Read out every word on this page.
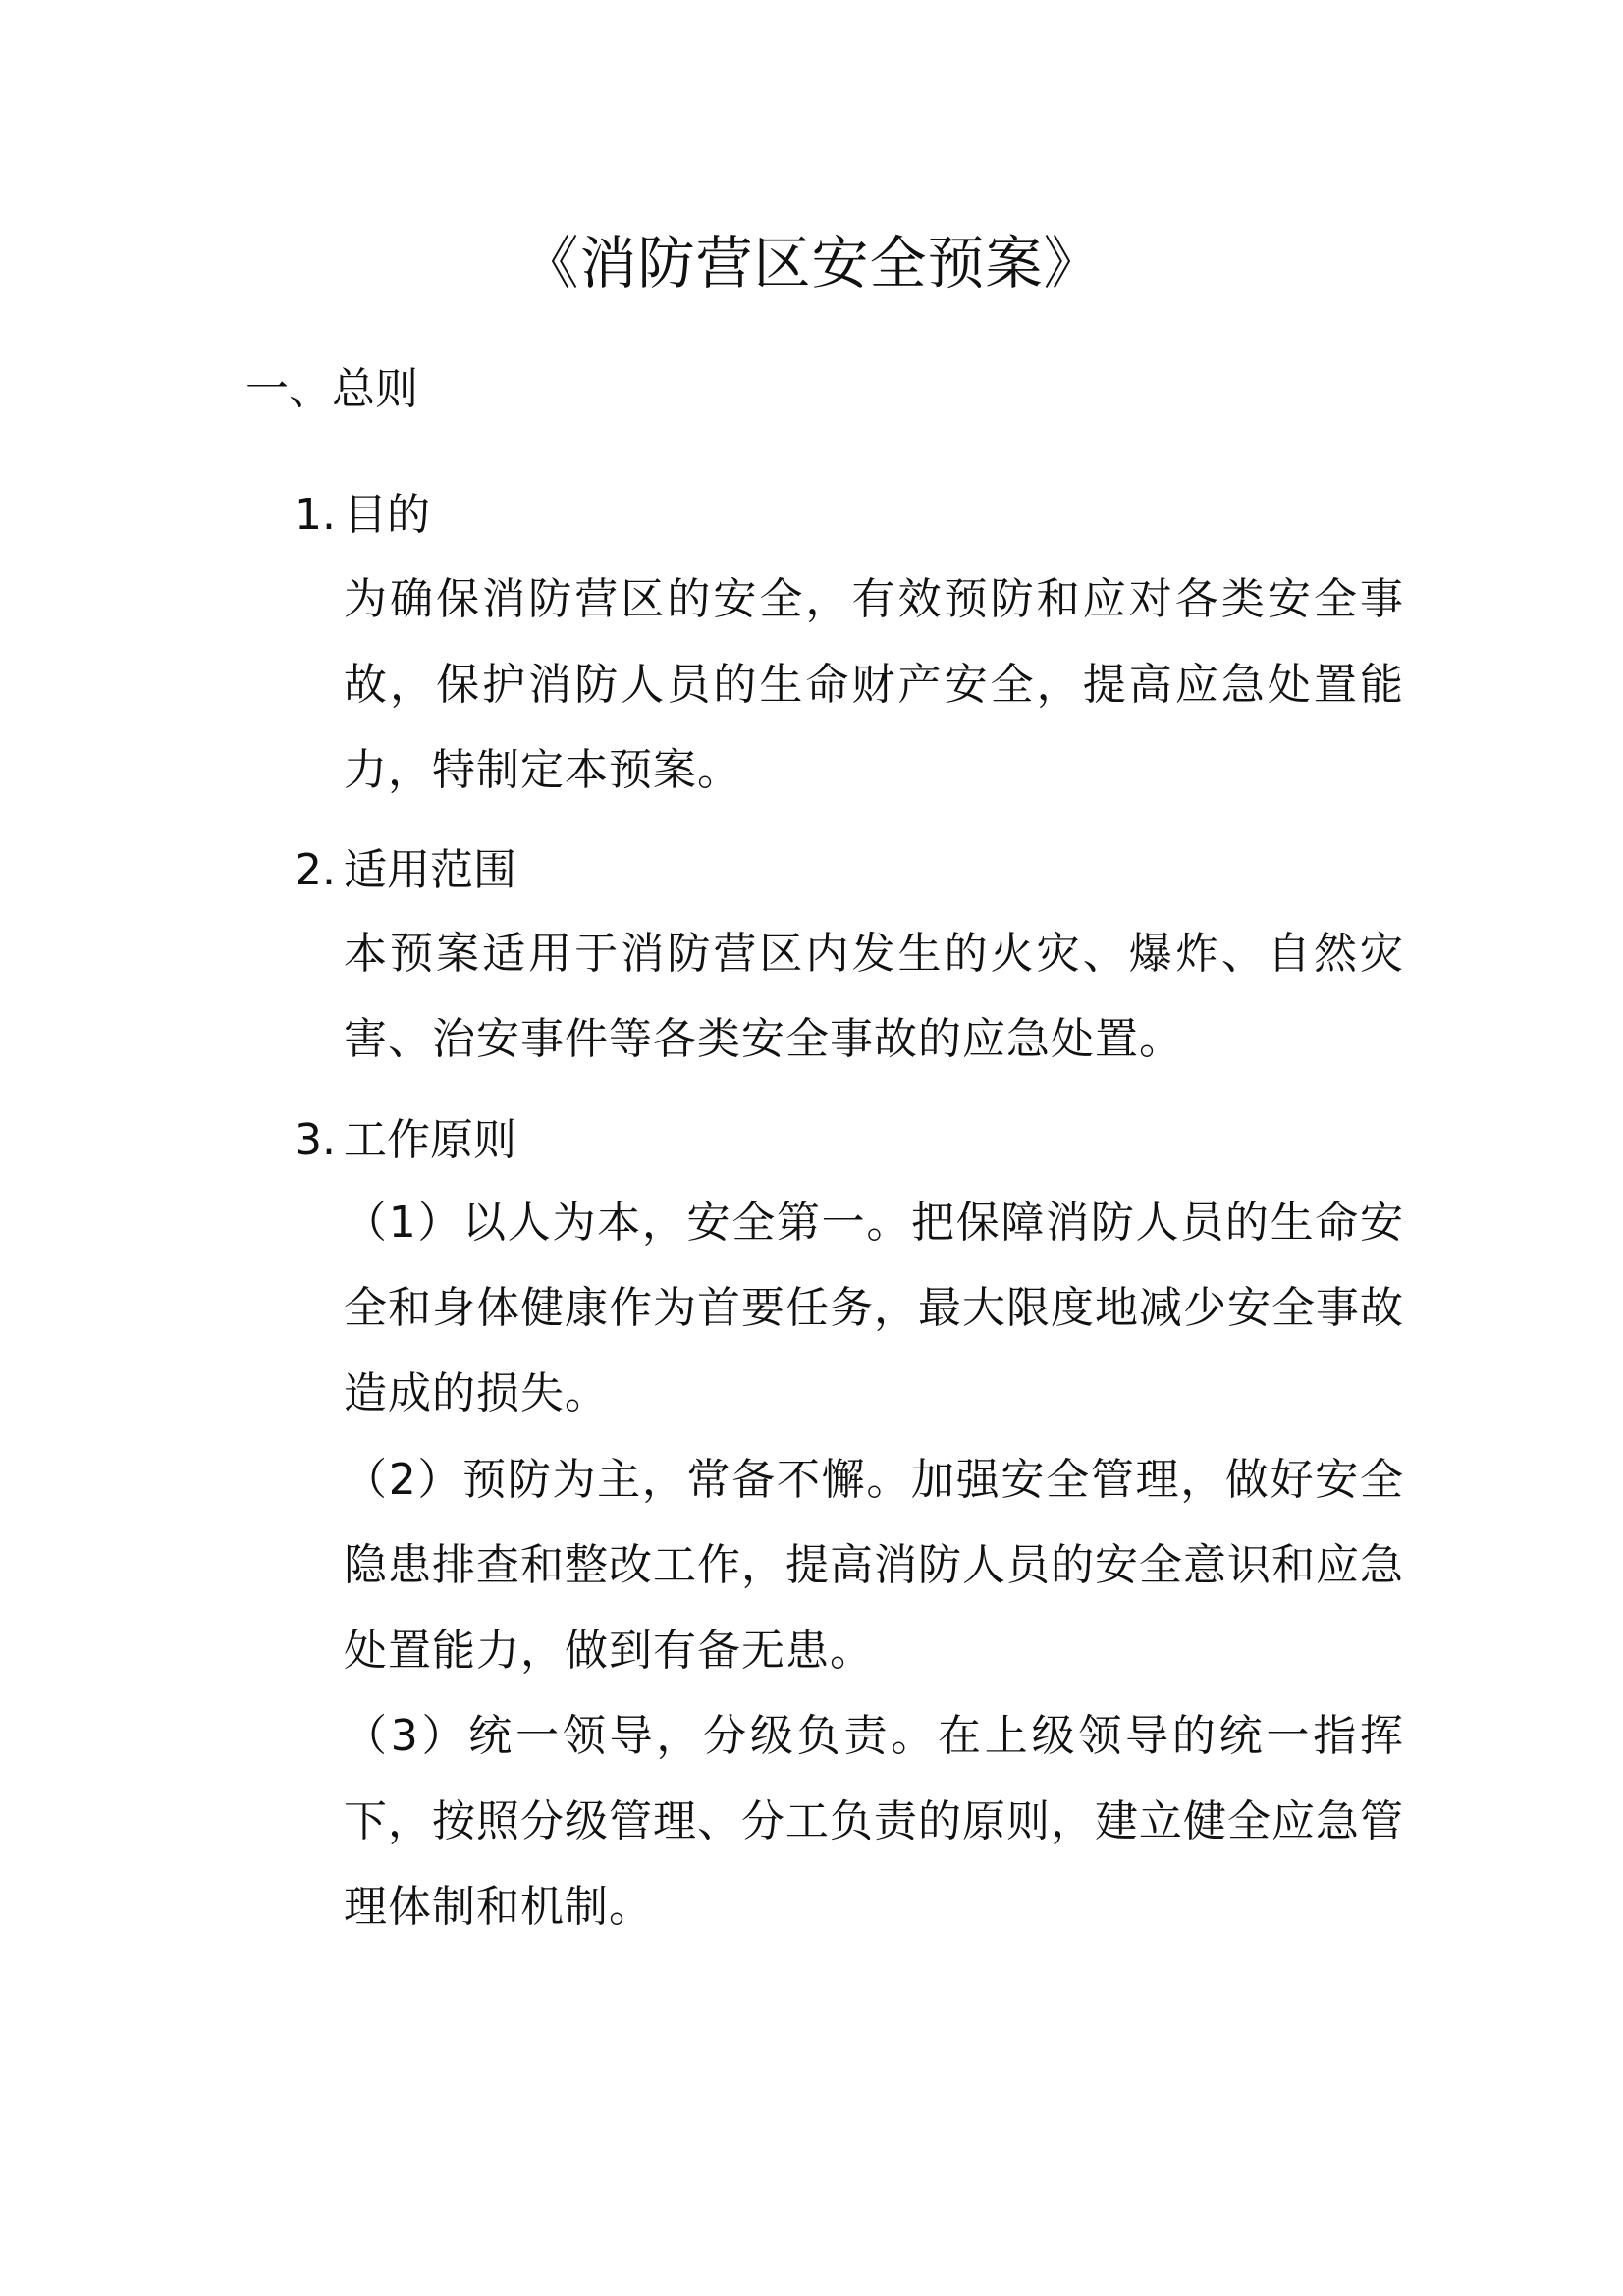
《消防营区安全预案》
一、总则
1. 目的

为确保消防营区的安全，有效预防和应对各类安全事故，保护消防人员的生命财产安全，提高应急处置能力，特制定本预案。

2. 适用范围

本预案适用于消防营区内发生的火灾、爆炸、自然灾害、治安事件等各类安全事故的应急处置。

3. 工作原则

（1）以人为本，安全第一。把保障消防人员的生命安全和身体健康作为首要任务，最大限度地减少安全事故造成的损失。

（2）预防为主，常备不懈。加强安全管理，做好安全隐患排查和整改工作，提高消防人员的安全意识和应急处置能力，做到有备无患。

（3）统一领导，分级负责。在上级领导的统一指挥下，按照分级管理、分工负责的原则，建立健全应急管理体制和机制。
